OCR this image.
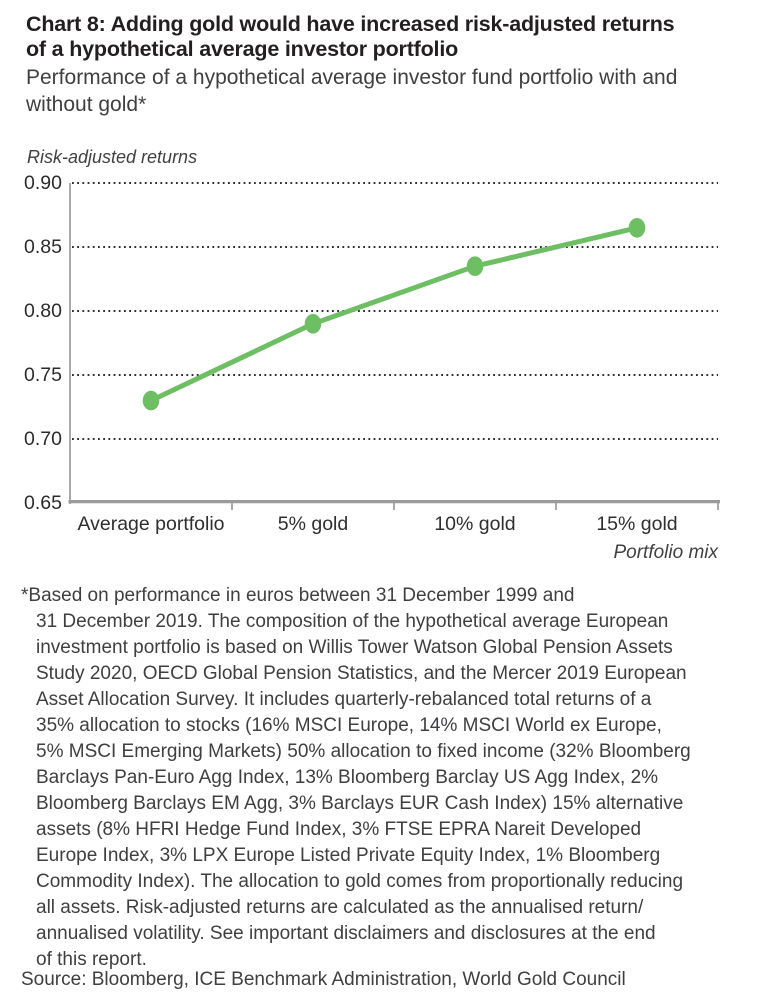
Chart 8: Adding gold would have increased risk-adjusted returns of a hypothetical average investor portfolio
Performance of a hypothetical average investor fund portfolio with and without gold*
Risk-adjusted returns
0.90
0.85
0.80
0.75
0.70
0.65
Average portfolio	5% gold	10% gold	15% gold
Portfolio mix
*Based on performance in euros between 31 December 1999 and
31 December 2019. The composition of the hypothetical average European
investment portfolio is based on Willis Tower Watson Global Pension Assets
Study 2020, OECD Global Pension Statistics, and the Mercer 2019 European
Asset Allocation Survey. It includes quarterly-rebalanced total returns of a
35% allocation to stocks (16% MSCI Europe, 14% MSCI World ex Europe,
5% MSCI Emerging Markets) 50% allocation to fixed income (32% Bloomberg
Barclays Pan-Euro Agg Index, 13% Bloomberg Barclay US Agg Index, 2%
Bloomberg Barclays EM Agg, 3% Barclays EUR Cash Index) 15% alternative
assets (8% HFRI Hedge Fund Index, 3% FTSE EPRA Nareit Developed
Europe Index, 3% LPX Europe Listed Private Equity Index, 1% Bloomberg
Commodity Index). The allocation to gold comes from proportionally reducing
all assets. Risk-adjusted returns are calculated as the annualised return/
annualised volatility. See important disclaimers and disclosures at the end
of this report.
Source: Bloomberg, ICE Benchmark Administration, World Gold Council
